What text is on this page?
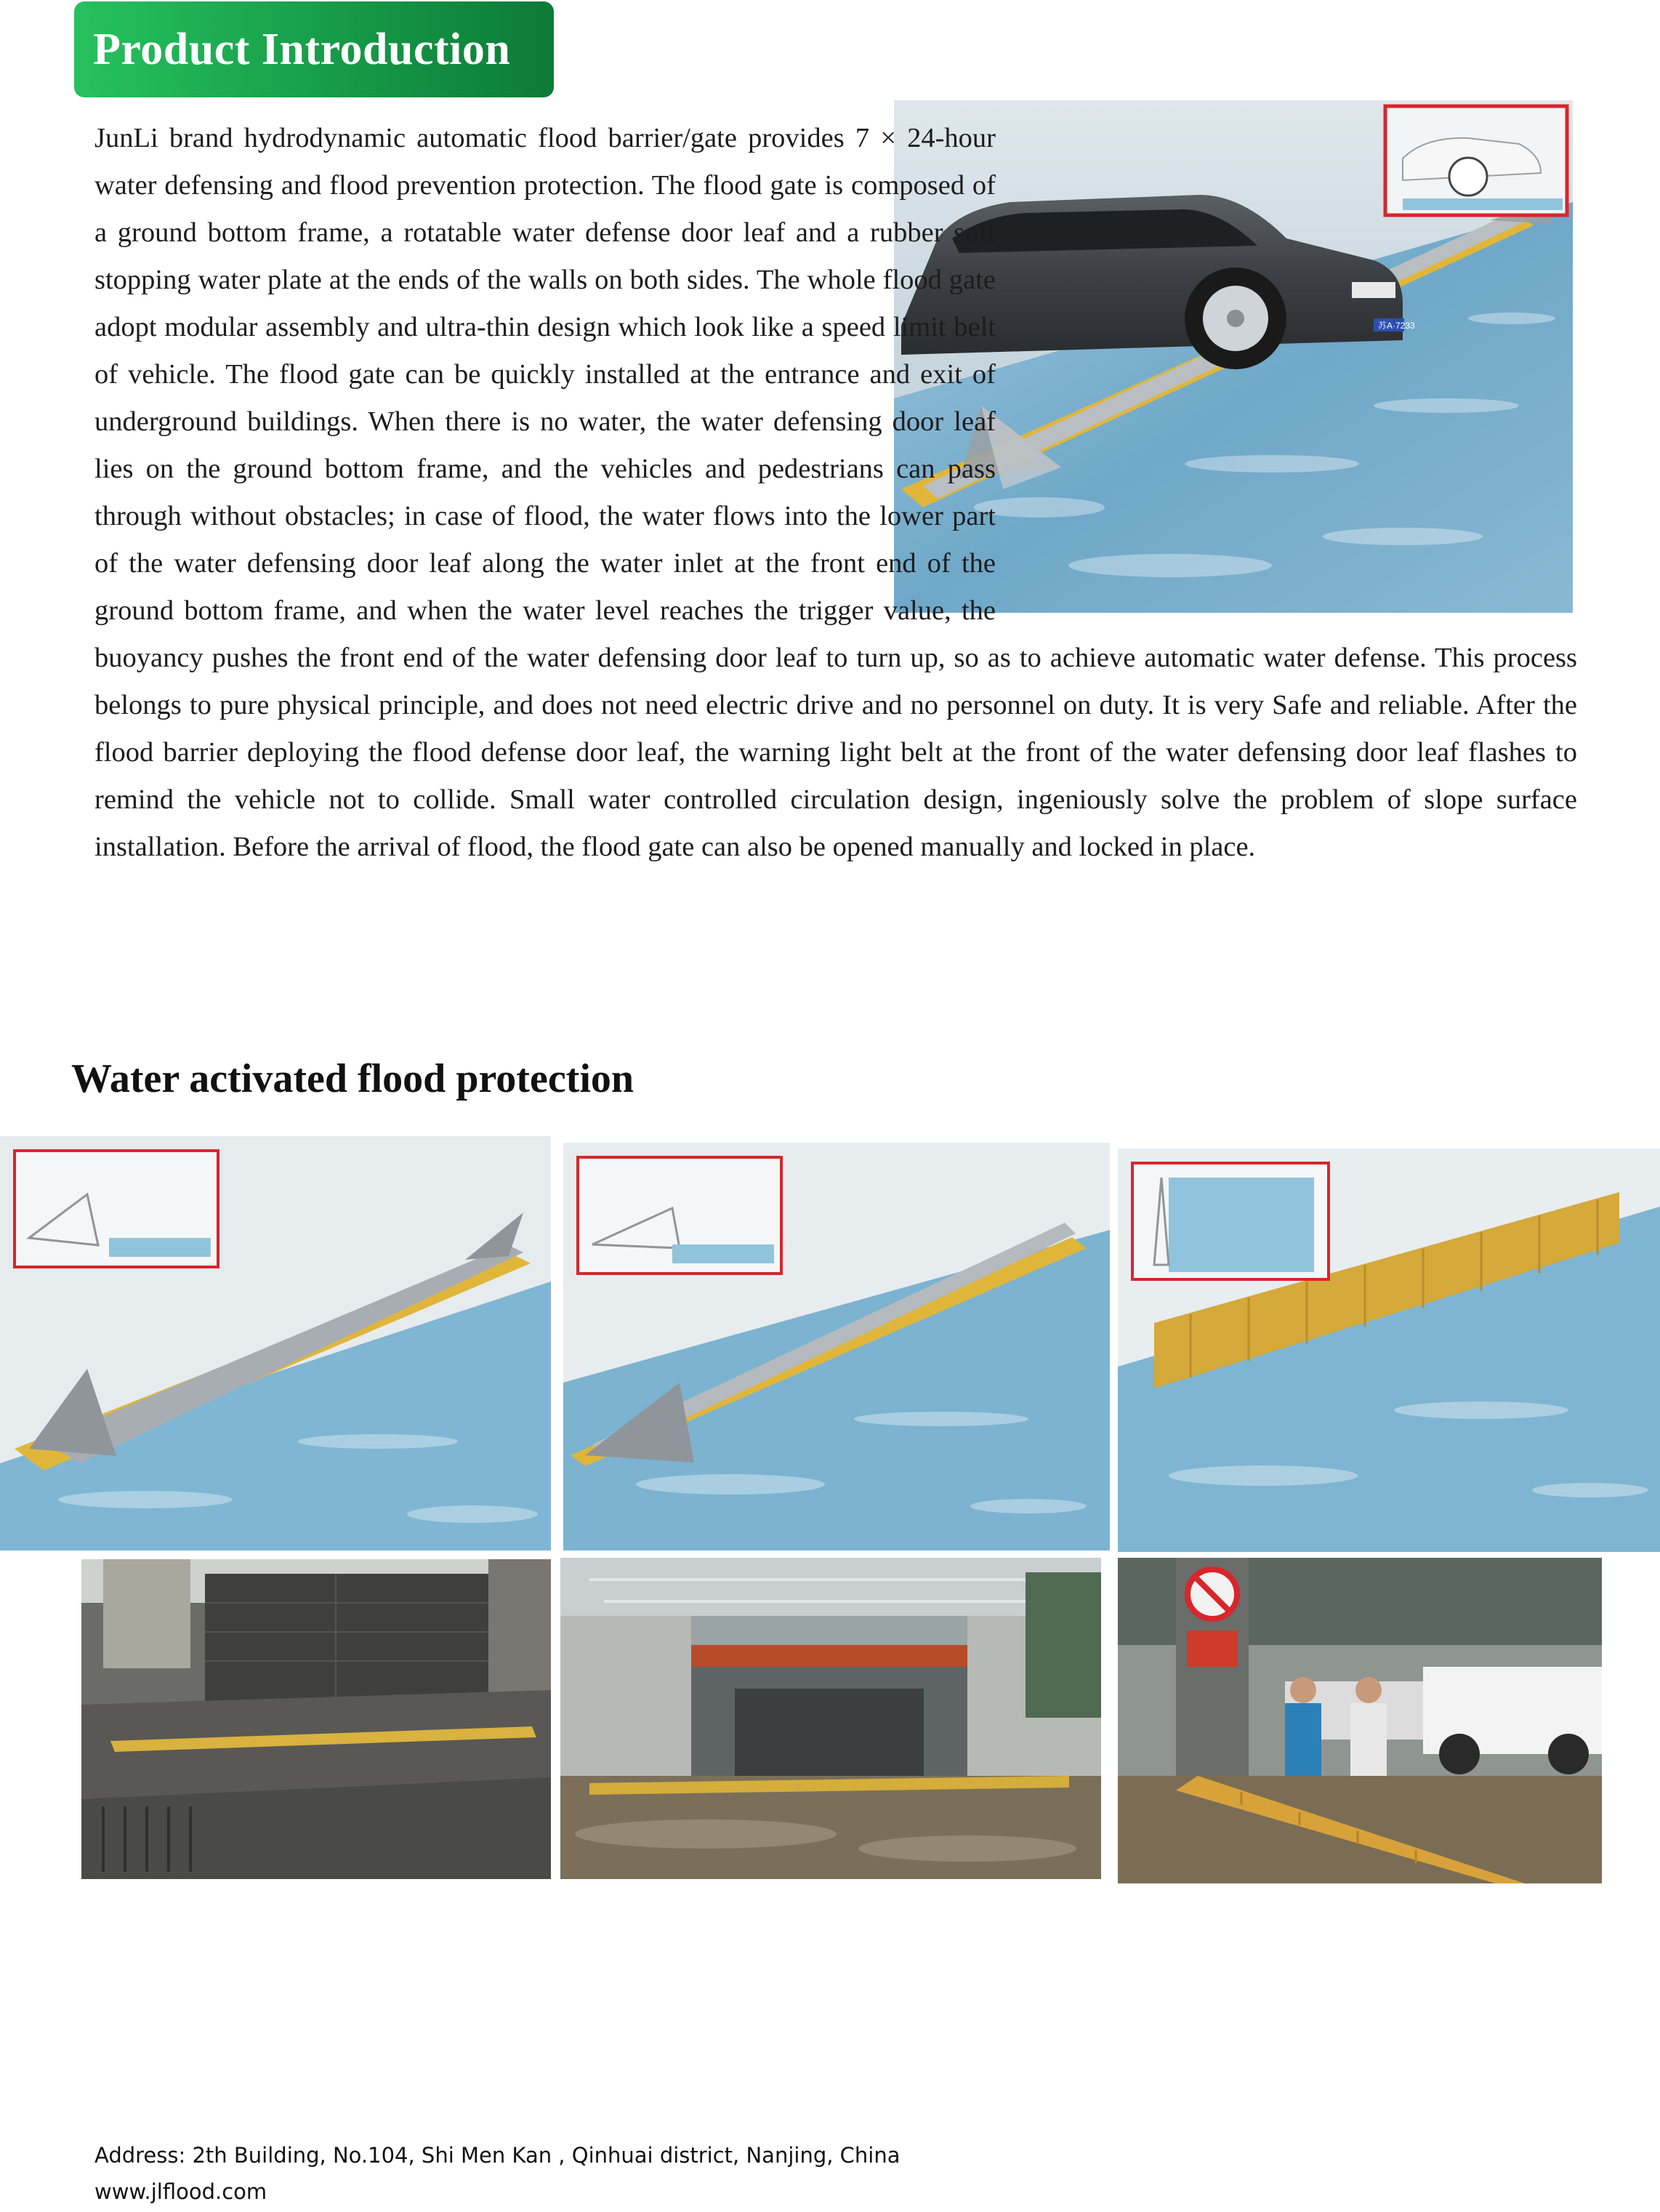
Product Introduction
苏A·7233
JunLi brand hydrodynamic automatic flood barrier/gate provides 7 × 24-hour water defensing and flood prevention protection. The flood gate is composed of a ground bottom frame, a rotatable water defense door leaf and a rubber soft stopping water plate at the ends of the walls on both sides. The whole flood gate adopt modular assembly and ultra-thin design which look like a speed limit belt of vehicle. The flood gate can be quickly installed at the entrance and exit of underground buildings. When there is no water, the water defensing door leaf lies on the ground bottom frame, and the vehicles and pedestrians can pass through without obstacles; in case of flood, the water flows into the lower part of the water defensing door leaf along the water inlet at the front end of the ground bottom frame, and when the water level reaches the trigger value, the buoyancy pushes the front end of the water defensing door leaf to turn up, so as to achieve automatic water defense. This process belongs to pure physical principle, and does not need electric drive and no personnel on duty. It is very Safe and reliable. After the flood barrier deploying the flood defense door leaf, the warning light belt at the front of the water defensing door leaf flashes to remind the vehicle not to collide. Small water controlled circulation design, ingeniously solve the problem of slope surface installation. Before the arrival of flood, the flood gate can also be opened manually and locked in place.
Water activated flood protection
Address: 2th Building, No.104, Shi Men Kan , Qinhuai district, Nanjing, China
www.jlflood.com
